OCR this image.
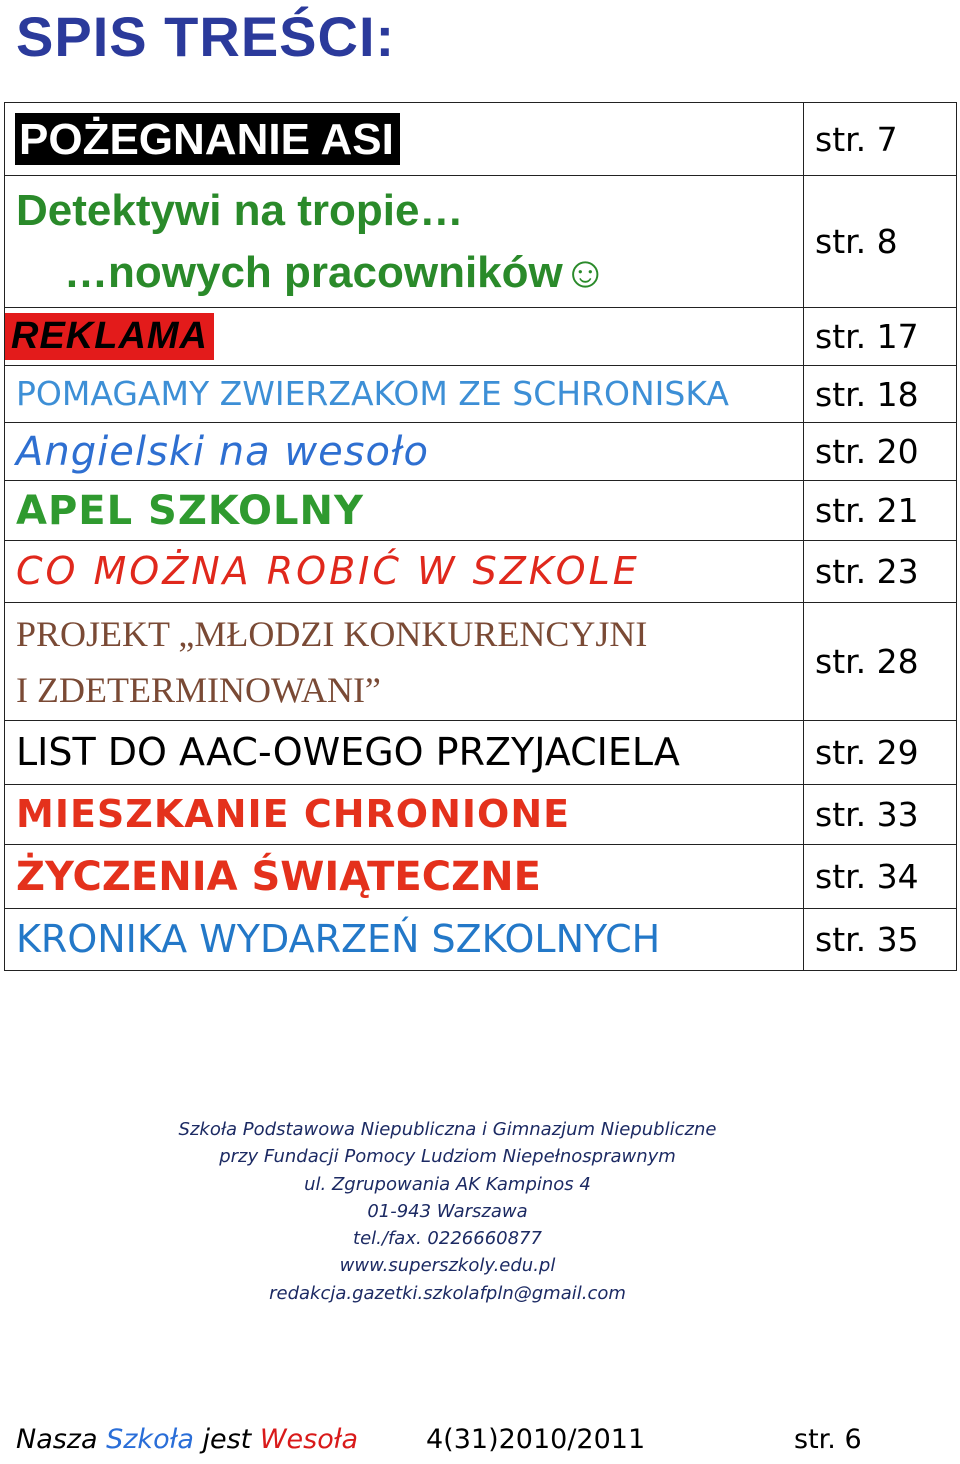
SPIS TREŚCI:
POŻEGNANIE ASI	str. 7
Detektywi na tropie…
…nowych pracowników☺	str. 8
REKLAMA	str. 17
POMAGAMY ZWIERZAKOM ZE SCHRONISKA	str. 18
Angielski na wesoło	str. 20
APEL SZKOLNY	str. 21
CO MOŻNA ROBIĆ W SZKOLE	str. 23
PROJEKT „MŁODZI KONKURENCYJNI
I ZDETERMINOWANI”	str. 28
LIST DO AAC-OWEGO PRZYJACIELA	str. 29
MIESZKANIE CHRONIONE	str. 33
ŻYCZENIA ŚWIĄTECZNE	str. 34
KRONIKA WYDARZEŃ SZKOLNYCH	str. 35
Szkoła Podstawowa Niepubliczna i Gimnazjum Niepubliczne
przy Fundacji Pomocy Ludziom Niepełnosprawnym
ul. Zgrupowania AK Kampinos 4
01-943 Warszawa
tel./fax. 0226660877
www.superszkoly.edu.pl
redakcja.gazetki.szkolafpln@gmail.com
Nasza Szkoła jest Wesoła	4(31)2010/2011	str. 6
